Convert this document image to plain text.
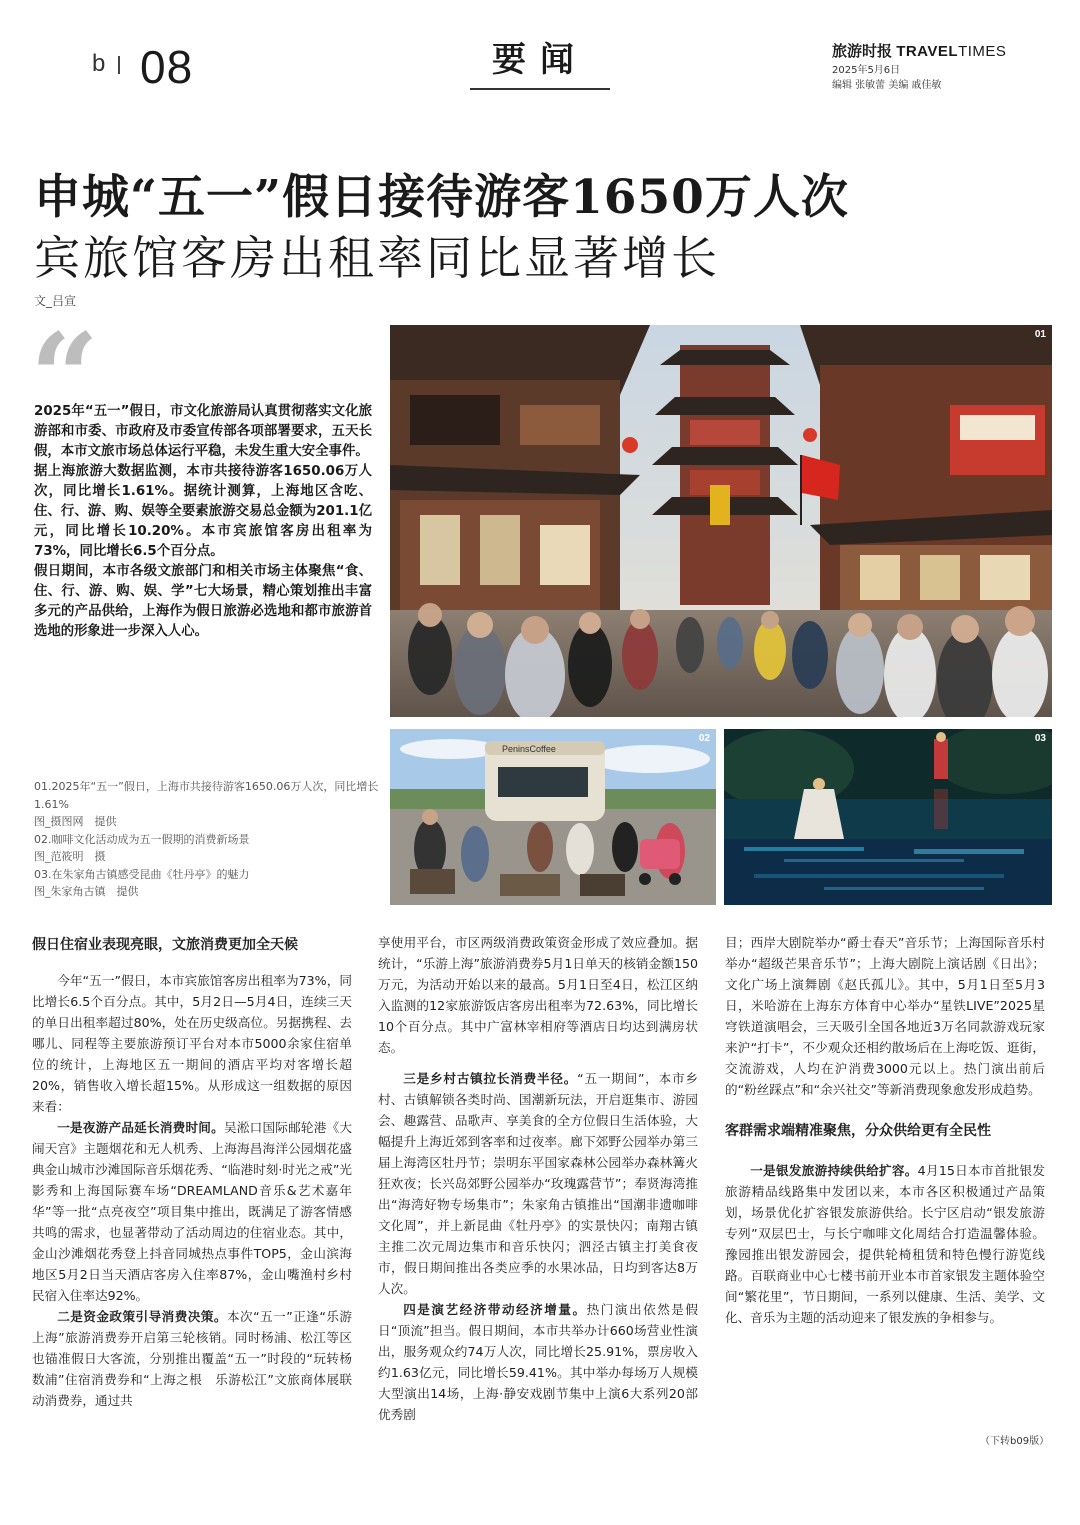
b 08	要闻	旅游时报 TRAVELTIMES
2025年5月6日
编辑 张敏蕾 美编 戚佳敏
申城“五一”假日接待游客1650万人次
宾旅馆客房出租率同比显著增长
文_吕宣
“

2025年“五一”假日，市文化旅游局认真贯彻落实文化旅游部和市委、市政府及市委宣传部各项部署要求，五天长假，本市文旅市场总体运行平稳，未发生重大安全事件。

据上海旅游大数据监测，本市共接待游客1650.06万人次，同比增长1.61%。据统计测算，上海地区含吃、住、行、游、购、娱等全要素旅游交易总金额为201.1亿元，同比增长10.20%。本市宾旅馆客房出租率为73%，同比增长6.5个百分点。

假日期间，本市各级文旅部门和相关市场主体聚焦“食、住、行、游、购、娱、学”七大场景，精心策划推出丰富多元的产品供给，上海作为假日旅游必选地和都市旅游首选地的形象进一步深入人心。

01
PeninsCoffee
02	03

01.2025年“五一”假日，上海市共接待游客1650.06万人次，同比增长1.61%

图_摄图网　提供

02.咖啡文化活动成为五一假期的消费新场景

图_范筱明　摄

03.在朱家角古镇感受昆曲《牡丹亭》的魅力

图_朱家角古镇　提供

假日住宿业表现亮眼，文旅消费更加全天候

今年“五一”假日，本市宾旅馆客房出租率为73%，同比增长6.5个百分点。其中，5月2日—5月4日，连续三天的单日出租率超过80%，处在历史级高位。另据携程、去哪儿、同程等主要旅游预订平台对本市5000余家住宿单位的统计，上海地区五一期间的酒店平均对客增长超20%，销售收入增长超15%。从形成这一组数据的原因来看：

一是夜游产品延长消费时间。吴淞口国际邮轮港《大闹天宫》主题烟花和无人机秀、上海海昌海洋公园烟花盛典金山城市沙滩国际音乐烟花秀、“临港时刻·时光之戒”光影秀和上海国际赛车场“DREAMLAND音乐&艺术嘉年华”等一批“点亮夜空”项目集中推出，既满足了游客情感共鸣的需求，也显著带动了活动周边的住宿业态。其中，金山沙滩烟花秀登上抖音同城热点事件TOP5，金山滨海地区5月2日当天酒店客房入住率87%，金山嘴渔村乡村民宿入住率达92%。

二是资金政策引导消费决策。本次“五一”正逢“乐游上海”旅游消费券开启第三轮核销。同时杨浦、松江等区也锚准假日大客流，分别推出覆盖“五一”时段的“玩转杨数浦”住宿消费券和“上海之根　乐游松江”文旅商体展联动消费券，通过共

享使用平台，市区两级消费政策资金形成了效应叠加。据统计，“乐游上海”旅游消费券5月1日单天的核销金额150万元，为活动开始以来的最高。5月1日至4日，松江区纳入监测的12家旅游饭店客房出租率为72.63%，同比增长10个百分点。其中广富林宰相府等酒店日均达到满房状态。

三是乡村古镇拉长消费半径。“五一期间”，本市乡村、古镇解锁各类时尚、国潮新玩法，开启逛集市、游园会、趣露营、品歌声、享美食的全方位假日生活体验，大幅提升上海近郊到客率和过夜率。廊下郊野公园举办第三届上海湾区牡丹节；崇明东平国家森林公园举办森林篝火狂欢夜；长兴岛郊野公园举办“玫瑰露营节”；奉贤海湾推出“海湾好物专场集市”；朱家角古镇推出“国潮非遗咖啡文化周”，并上新昆曲《牡丹亭》的实景快闪；南翔古镇主推二次元周边集市和音乐快闪；泗泾古镇主打美食夜市，假日期间推出各类应季的水果冰品，日均到客达8万人次。

四是演艺经济带动经济增量。热门演出依然是假日“顶流”担当。假日期间，本市共举办计660场营业性演出，服务观众约74万人次，同比增长25.91%，票房收入约1.63亿元，同比增长59.41%。其中举办每场万人规模大型演出14场，上海·静安戏剧节集中上演6大系列20部优秀剧

目；西岸大剧院举办“爵士春天”音乐节；上海国际音乐村举办“超级芒果音乐节”；上海大剧院上演话剧《日出》；文化广场上演舞剧《赵氏孤儿》。其中，5月1日至5月3日，米哈游在上海东方体育中心举办“星铁LIVE”2025星穹铁道演唱会，三天吸引全国各地近3万名同款游戏玩家来沪“打卡”，不少观众还相约散场后在上海吃饭、逛街，交流游戏，人均在沪消费3000元以上。热门演出前后的“粉丝踩点”和“余兴社交”等新消费现象愈发形成趋势。

客群需求端精准聚焦，分众供给更有全民性

一是银发旅游持续供给扩容。4月15日本市首批银发旅游精品线路集中发团以来，本市各区积极通过产品策划，场景优化扩容银发旅游供给。长宁区启动“银发旅游专列”双层巴士，与长宁咖啡文化周结合打造温馨体验。豫园推出银发游园会，提供轮椅租赁和特色慢行游览线路。百联商业中心七楼书前开业本市首家银发主题体验空间“繁花里”，节日期间，一系列以健康、生活、美学、文化、音乐为主题的活动迎来了银发族的争相参与。

（下转b09版）
